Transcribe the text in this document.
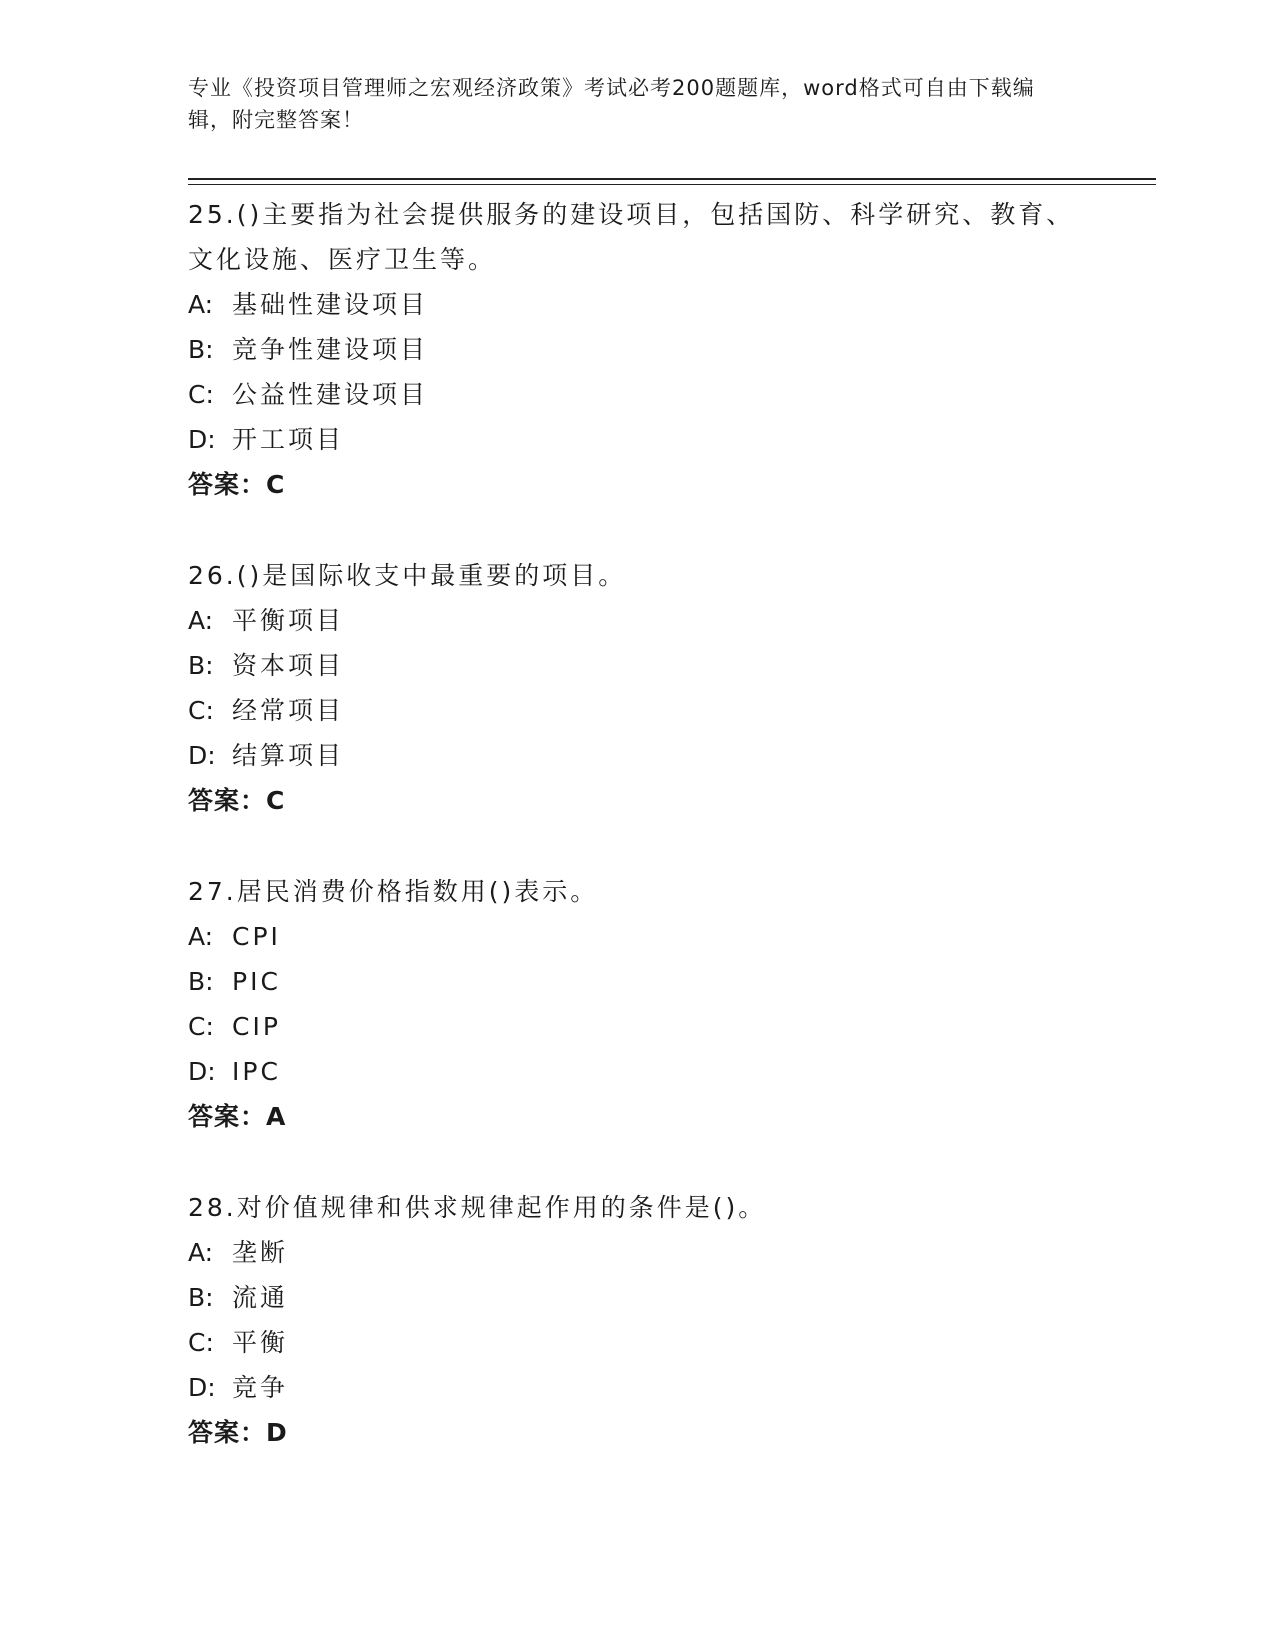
专业《投资项目管理师之宏观经济政策》考试必考200题题库，word格式可自由下载编辑，附完整答案！
25.()主要指为社会提供服务的建设项目，包括国防、科学研究、教育、文化设施、医疗卫生等。
A: 基础性建设项目
B: 竞争性建设项目
C: 公益性建设项目
D: 开工项目
答案：C
26.()是国际收支中最重要的项目。
A: 平衡项目
B: 资本项目
C: 经常项目
D: 结算项目
答案：C
27.居民消费价格指数用()表示。
A: CPI
B: PIC
C: CIP
D: IPC
答案：A
28.对价值规律和供求规律起作用的条件是()。
A: 垄断
B: 流通
C: 平衡
D: 竞争
答案：D
